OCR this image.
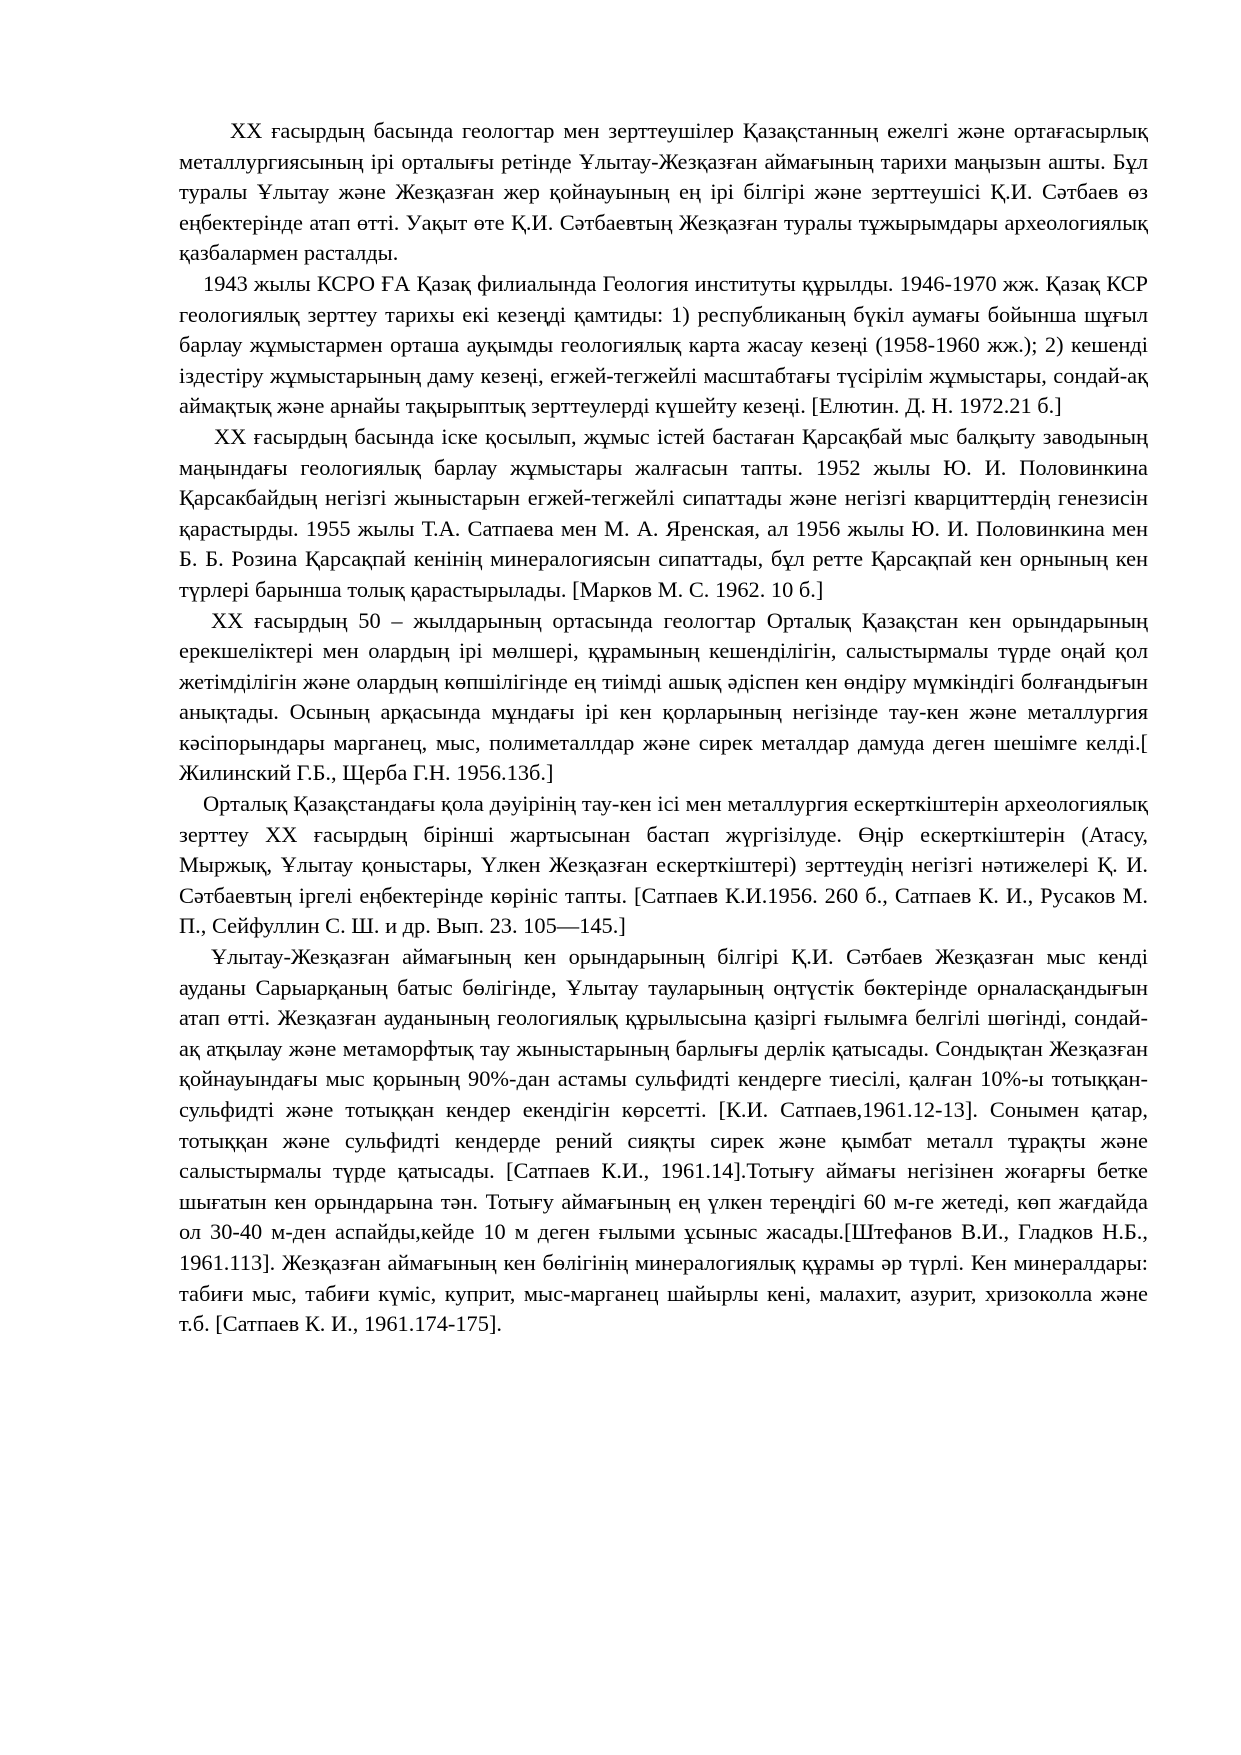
XX ғасырдың басында геологтар мен зерттеушілер Қазақстанның ежелгі және ортағасырлық металлургиясының ірі орталығы ретінде Ұлытау-Жезқазған аймағының тарихи маңызын ашты. Бұл туралы Ұлытау және Жезқазған жер қойнауының ең ірі білгірі және зерттеушісі Қ.И. Сәтбаев өз еңбектерінде атап өтті. Уақыт өте Қ.И. Сәтбаевтың Жезқазған туралы тұжырымдары археологиялық қазбалармен расталды.

1943 жылы КСРО ҒА Қазақ филиалында Геология институты құрылды. 1946-1970 жж. Қазақ КСР геологиялық зерттеу тарихы екі кезеңді қамтиды: 1) республиканың бүкіл аумағы бойынша шұғыл барлау жұмыстармен орташа ауқымды геологиялық карта жасау кезеңі (1958-1960 жж.); 2) кешенді іздестіру жұмыстарының даму кезеңі, егжей-тегжейлі масштабтағы түсірілім жұмыстары, сондай-ақ аймақтық және арнайы тақырыптық зерттеулерді күшейту кезеңі. [Елютин. Д. Н. 1972.21 б.]

XX ғасырдың басында іске қосылып, жұмыс істей бастаған Қарсақбай мыс балқыту заводының маңындағы геологиялық барлау жұмыстары жалғасын тапты. 1952 жылы Ю. И. Половинкина Қарсакбайдың негізгі жыныстарын егжей-тегжейлі сипаттады және негізгі кварциттердің генезисін қарастырды. 1955 жылы Т.А. Сатпаева мен М. А. Яренская, ал 1956 жылы Ю. И. Половинкина мен Б. Б. Розина Қарсақпай кенінің минералогиясын сипаттады, бұл ретте Қарсақпай кен орнының кен түрлері барынша толық қарастырылады. [Марков М. С. 1962. 10 б.]

XX ғасырдың 50 – жылдарының ортасында геологтар Орталық Қазақстан кен орындарының ерекшеліктері мен олардың ірі мөлшері, құрамының кешенділігін, салыстырмалы түрде оңай қол жетімділігін және олардың көпшілігінде ең тиімді ашық әдіспен кен өндіру мүмкіндігі болғандығын анықтады. Осының арқасында мұндағы ірі кен қорларының негізінде тау-кен және металлургия кәсіпорындары марганец, мыс, полиметаллдар және сирек металдар дамуда деген шешімге келді.[ Жилинский Г.Б., Щерба Г.Н. 1956.13б.]

Орталық Қазақстандағы қола дәуірінің тау-кен ісі мен металлургия ескерткіштерін археологиялық зерттеу XX ғасырдың бірінші жартысынан бастап жүргізілуде. Өңір ескерткіштерін (Атасу, Мыржық, Ұлытау қоныстары, Үлкен Жезқазған ескерткіштері) зерттеудің негізгі нәтижелері Қ. И. Сәтбаевтың іргелі еңбектерінде көрініс тапты. [Сатпаев К.И.1956. 260 б., Сатпаев К. И., Русаков М. П., Сейфуллин С. Ш. и др. Вып. 23. 105—145.]

Ұлытау-Жезқазған аймағының кен орындарының білгірі Қ.И. Сәтбаев Жезқазған мыс кенді ауданы Сарыарқаның батыс бөлігінде, Ұлытау тауларының оңтүстік бөктерінде орналасқандығын атап өтті. Жезқазған ауданының геологиялық құрылысына қазіргі ғылымға белгілі шөгінді, сондай-ақ атқылау және метаморфтық тау жыныстарының барлығы дерлік қатысады. Сондықтан Жезқазған қойнауындағы мыс қорының 90%-дан астамы сульфидті кендерге тиесілі, қалған 10%-ы тотыққан-сульфидті және тотыққан кендер екендігін көрсетті. [К.И. Сатпаев,1961.12-13]. Сонымен қатар, тотыққан және сульфидті кендерде рений сияқты сирек және қымбат металл тұрақты және салыстырмалы түрде қатысады. [Сатпаев К.И., 1961.14].Тотығу аймағы негізінен жоғарғы бетке шығатын кен орындарына тән. Тотығу аймағының ең үлкен тереңдігі 60 м-ге жетеді, көп жағдайда ол 30-40 м-ден аспайды,кейде 10 м деген ғылыми ұсыныс жасады.[Штефанов В.И., Гладков Н.Б., 1961.113]. Жезқазған аймағының кен бөлігінің минералогиялық құрамы әр түрлі. Кен минералдары: табиғи мыс, табиғи күміс, куприт, мыс-марганец шайырлы кені, малахит, азурит, хризоколла және т.б. [Сатпаев К. И., 1961.174-175].
